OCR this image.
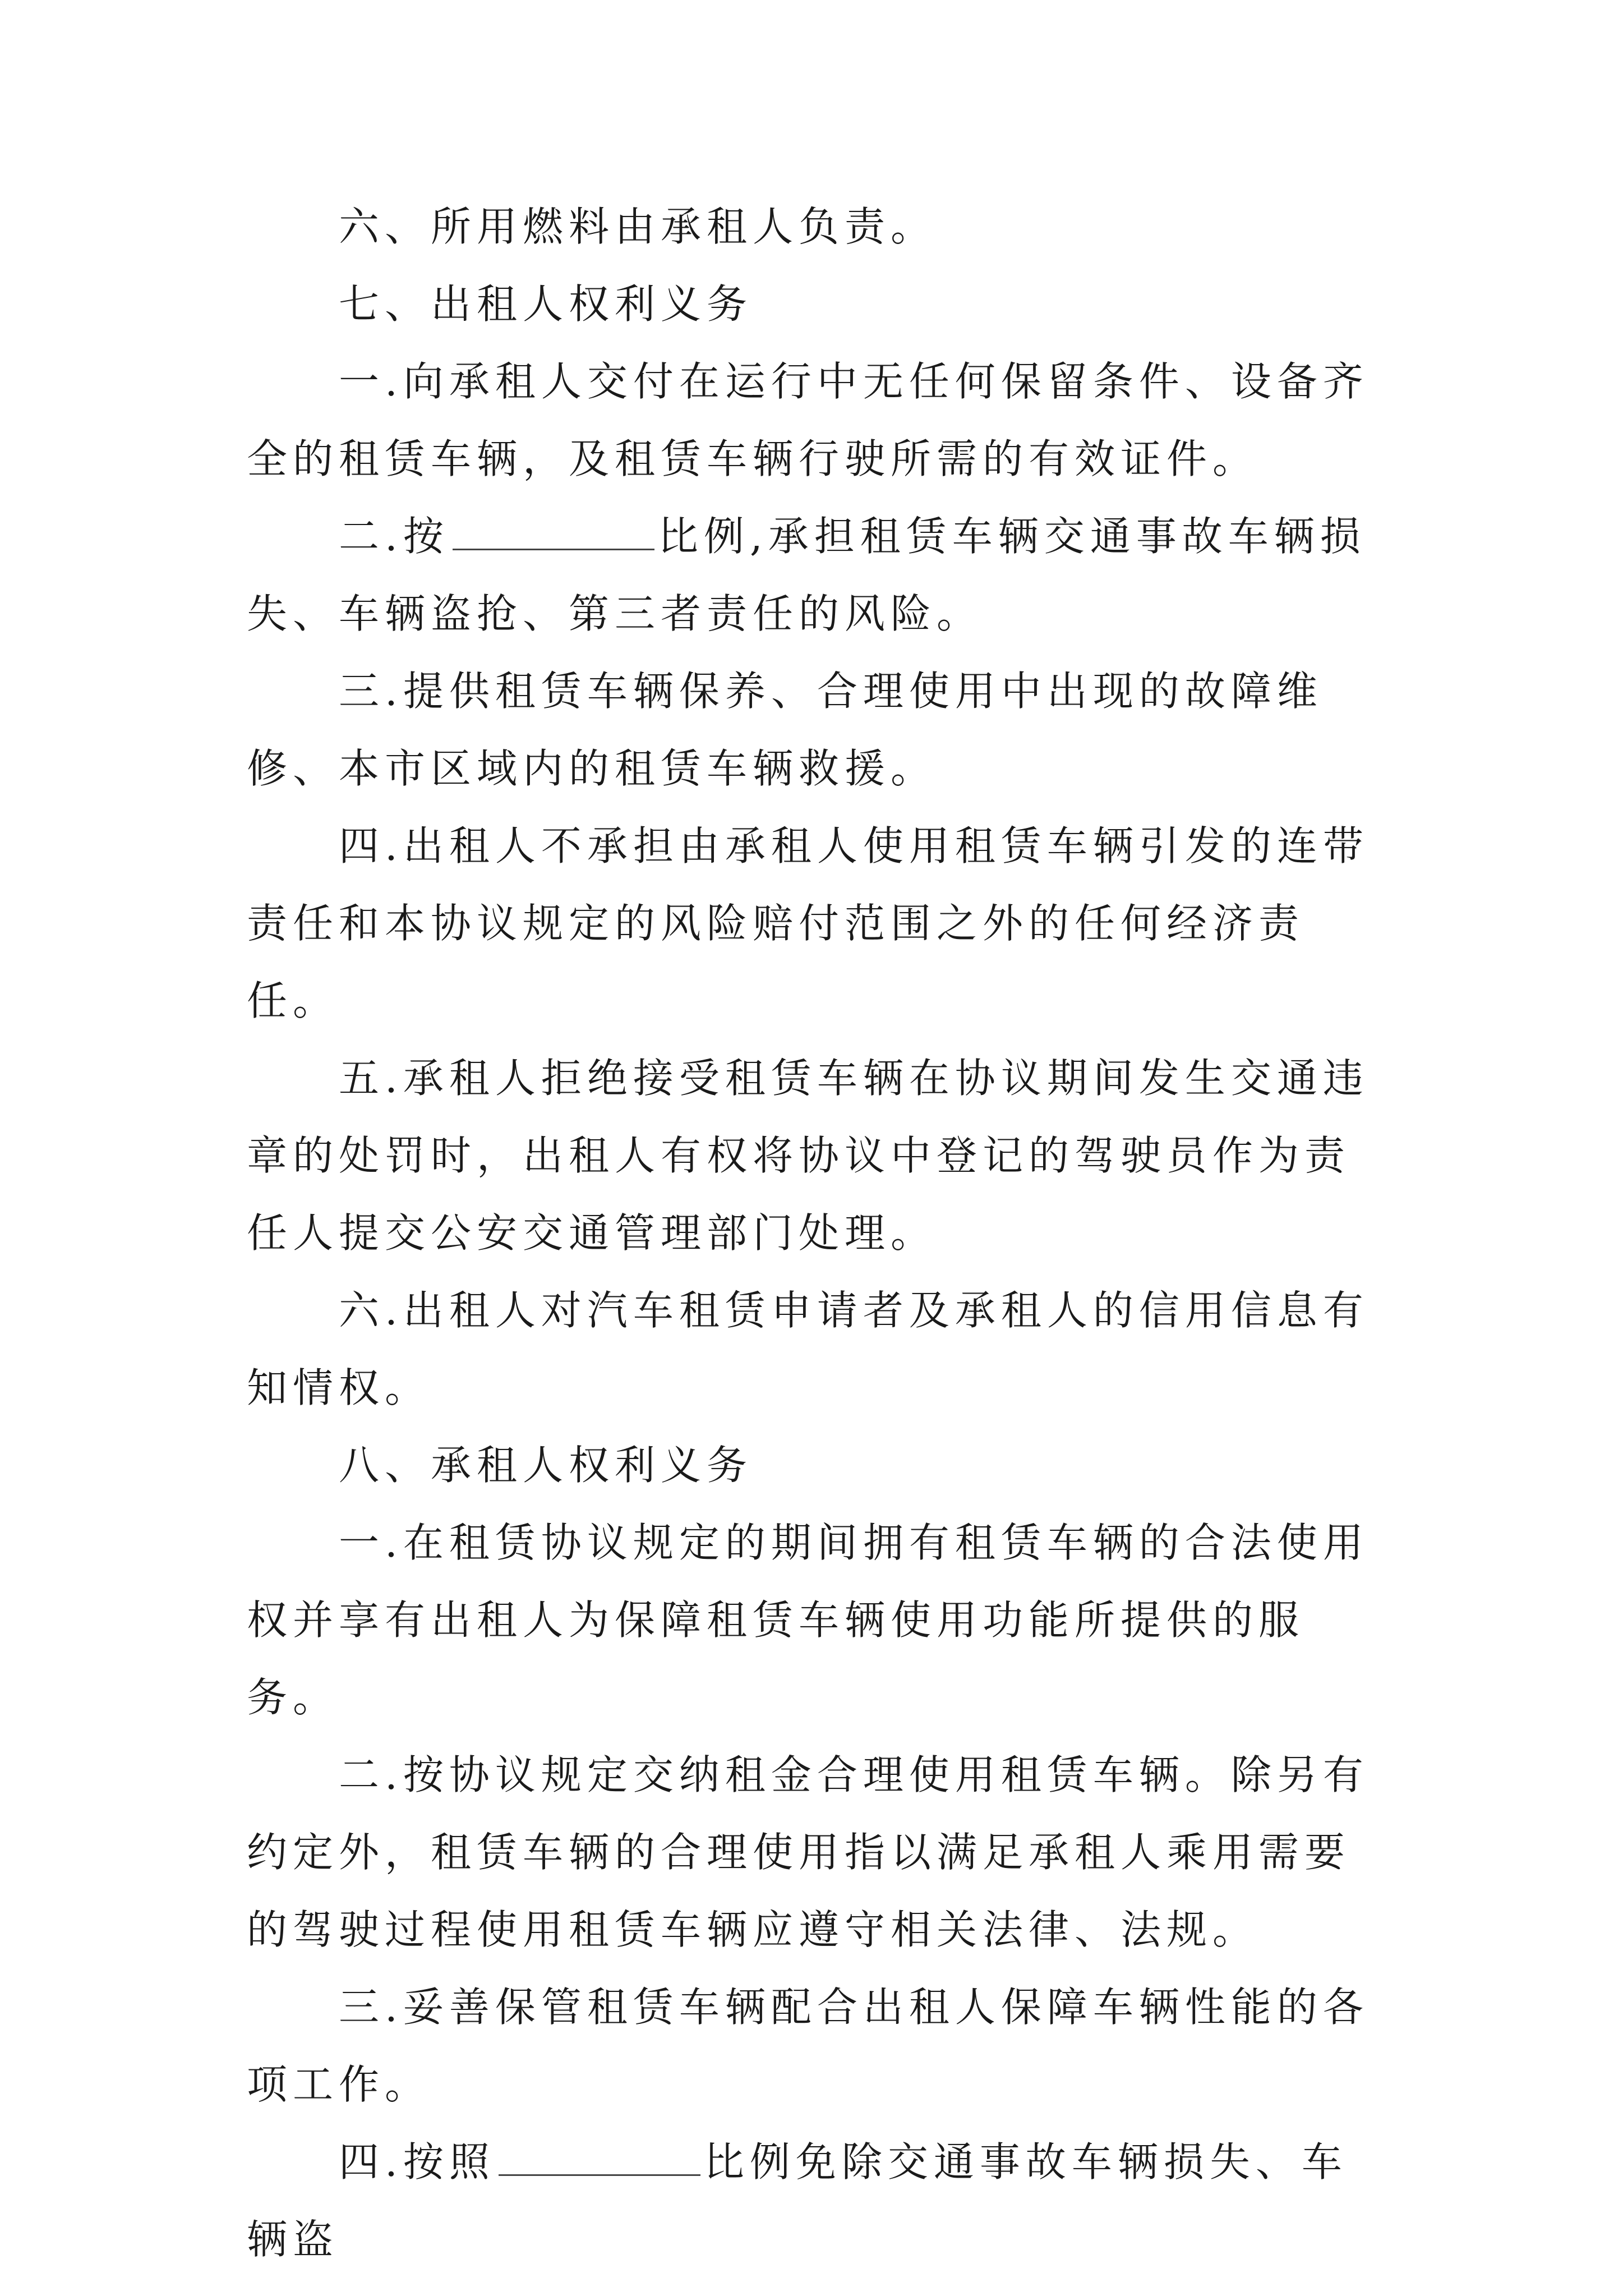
六、所用燃料由承租人负责。

七、出租人权利义务

一.向承租人交付在运行中无任何保留条件、设备齐全的租赁车辆，及租赁车辆行驶所需的有效证件。

二.按	比例,承担租赁车辆交通事故车辆损失、车辆盗抢、第三者责任的风险。

三.提供租赁车辆保养、合理使用中出现的故障维修、本市区域内的租赁车辆救援。

四.出租人不承担由承租人使用租赁车辆引发的连带责任和本协议规定的风险赔付范围之外的任何经济责任。

五.承租人拒绝接受租赁车辆在协议期间发生交通违章的处罚时，出租人有权将协议中登记的驾驶员作为责任人提交公安交通管理部门处理。

六.出租人对汽车租赁申请者及承租人的信用信息有知情权。

八、承租人权利义务

一.在租赁协议规定的期间拥有租赁车辆的合法使用权并享有出租人为保障租赁车辆使用功能所提供的服务。

二.按协议规定交纳租金合理使用租赁车辆。除另有约定外，租赁车辆的合理使用指以满足承租人乘用需要的驾驶过程使用租赁车辆应遵守相关法律、法规。

三.妥善保管租赁车辆配合出租人保障车辆性能的各项工作。

四.按照	比例免除交通事故车辆损失、车辆盗
